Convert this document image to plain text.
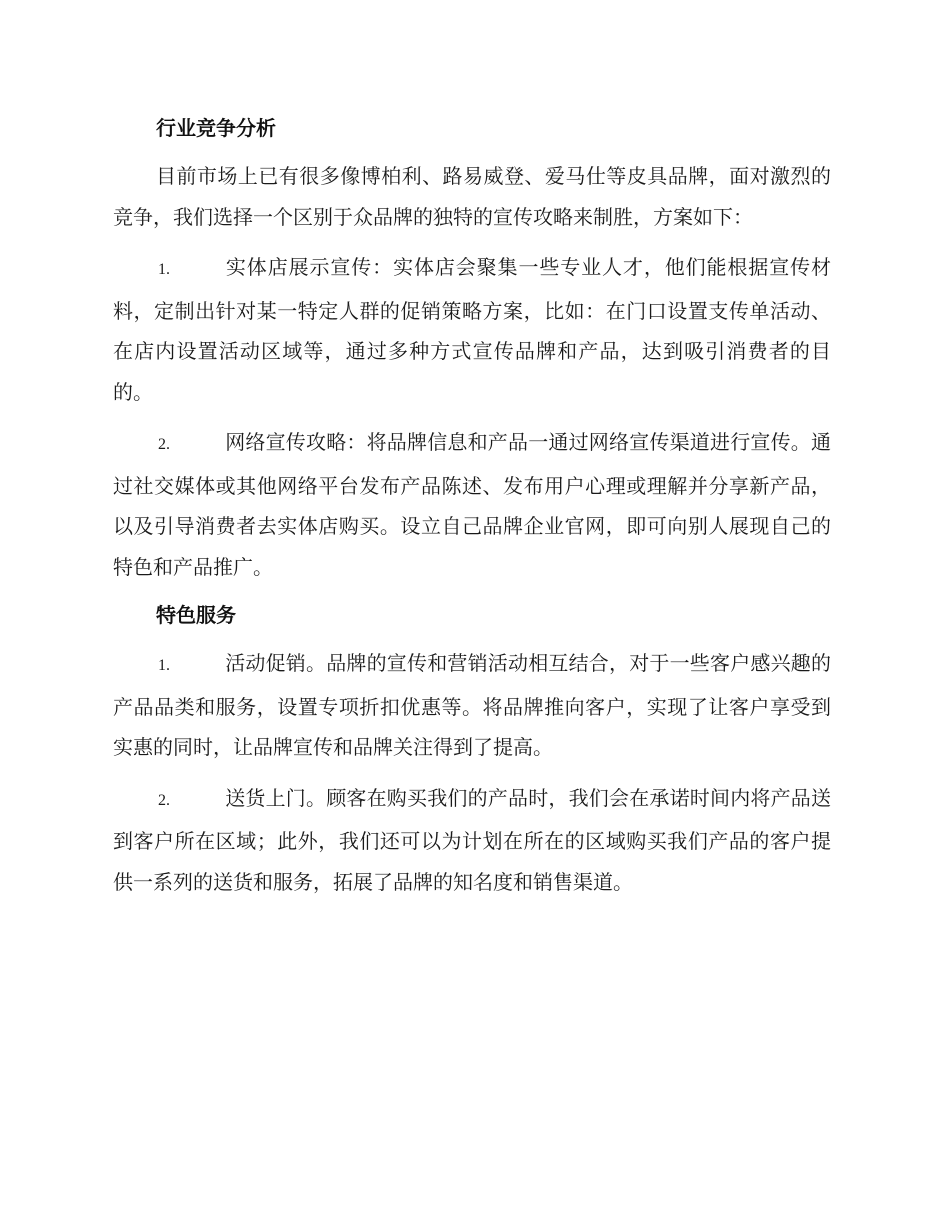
行业竞争分析

目前市场上已有很多像博柏利、路易威登、爱马仕等皮具品牌，面对激烈的竞争，我们选择一个区别于众品牌的独特的宣传攻略来制胜，方案如下：

1.	实体店展示宣传：实体店会聚集一些专业人才，他们能根据宣传材料，定制出针对某一特定人群的促销策略方案，比如：在门口设置支传单活动、在店内设置活动区域等，通过多种方式宣传品牌和产品，达到吸引消费者的目的。

2.	网络宣传攻略：将品牌信息和产品一通过网络宣传渠道进行宣传。通过社交媒体或其他网络平台发布产品陈述、发布用户心理或理解并分享新产品，以及引导消费者去实体店购买。设立自己品牌企业官网，即可向别人展现自己的特色和产品推广。

特色服务

1.	活动促销。品牌的宣传和营销活动相互结合，对于一些客户感兴趣的产品品类和服务，设置专项折扣优惠等。将品牌推向客户，实现了让客户享受到实惠的同时，让品牌宣传和品牌关注得到了提高。

2.	送货上门。顾客在购买我们的产品时，我们会在承诺时间内将产品送到客户所在区域；此外，我们还可以为计划在所在的区域购买我们产品的客户提供一系列的送货和服务，拓展了品牌的知名度和销售渠道。
